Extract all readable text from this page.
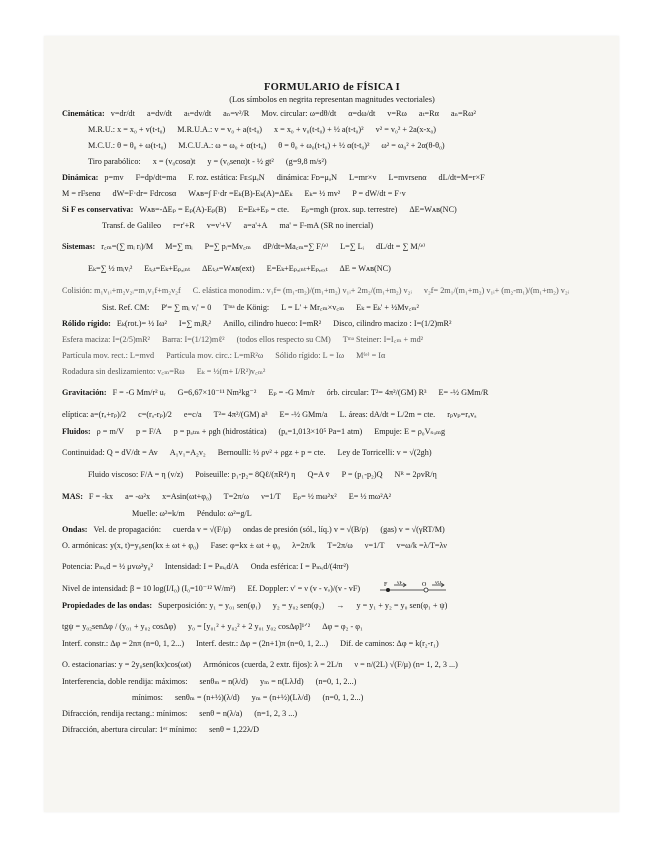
FORMULARIO de FÍSICA I
(Los símbolos en negrita representan magnitudes vectoriales)
Cinemática: v=dr/dt a=dv/dt aₜ=dv/dt aₙ=v²/R Mov. circular: ω=dθ/dt α=dω/dt v=Rω aₜ=Rα aₙ=Rω²
M.R.U.: x = x₀ + v(t-t₀) M.R.U.A.: v = v₀ + a(t-t₀) x = x₀ + v₀(t-t₀) + ½ a(t-t₀)² v² = v₀² + 2a(x-x₀)
M.C.U.: θ = θ₀ + ω(t-t₀) M.C.U.A.: ω = ω₀ + α(t-t₀) θ = θ₀ + ω₀(t-t₀) + ½ α(t-t₀)² ω² = ω₀² + 2α(θ-θ₀)
Tiro parabólico: x = (v₀cosα)t y = (v₀senα)t - ½ gt² (g=9,8 m/s²)
Dinámica: p=mv F=dp/dt=ma F. roz. estática: Fᴇ≤μₑN dinámica: Fᴅ=μₐN L=mr×v L=mvrsenα dL/dt=M=r×F
M = rFsenα dW=F·dr= Fdrcosα Wᴀʙ=∫ F·dr =Eₖ(B)-Eₖ(A)=ΔEₖ Eₖ= ½ mv² P = dW/dt = F·v
Si F es conservativa: Wᴀʙ=-ΔEₚ = Eₚ(A)-Eₚ(B) E=Eₖ+Eₚ = cte. Eₚ=mgh (prox. sup. terrestre) ΔE=Wᴀʙ(NC)
Transf. de Galileo r=r'+R v=v'+V a=a'+A ma' = F-mA (SR no inercial)
Sistemas: r꜀ₘ=(∑ mᵢ rᵢ)/M M=∑ mᵢ P=∑ pᵢ=Mv꜀ₘ dP/dt=Ma꜀ₘ=∑ Fᵢ⁽ᵉ⁾ L=∑ Lᵢ dL/dt = ∑ Mᵢ⁽ᵉ⁾
Eₖ=∑ ½ mᵢvᵢ² Eₜₒₜ=Eₖ+Eₚ,ᵢₙₜ ΔEₜₒₜ=Wᴀʙ(ext) E=Eₖ+Eₚ,ᵢₙₜ+Eₚ,ₑₓₜ ΔE = Wᴀʙ(NC)
Colisión: m₁v₁ᵢ+m₂v₂ᵢ=m₁v₁f+m₂v₂f C. elástica monodim.: v₁f= (m₁-m₂)/(m₁+m₂) v₁ᵢ+ 2m₂/(m₁+m₂) v₂ᵢ v₂f= 2m₁/(m₁+m₂) v₁ᵢ+ (m₂-m₁)/(m₁+m₂) v₂ᵢ
Sist. Ref. CM: P'= ∑ mᵢ vᵢ' = 0 Tᵐᵃ de König: L = L' + Mr꜀ₘ×v꜀ₘ Eₖ = Eₖ' + ½Mv꜀ₘ²
Rólido rígido: Eₖ(rot.)= ½ Iω² I=∑ mᵢRᵢ² Anillo, cilindro hueco: I=mR² Disco, cilindro macizo : I=(1/2)mR²
Esfera maciza: I=(2/5)mR² Barra: I=(1/12)mℓ² (todos ellos respecto su CM) Tᵐᵃ Steiner: I=I꜀ₘ + md²
Partícula mov. rect.: L=mvd Partícula mov. circ.: L=mR²ω Sólido rígido: L = Iω M⁽ᵉ⁾ = Iα
Rodadura sin deslizamiento: v꜀ₘ=Rω Eₖ = ½(m+ I/R²)v꜀ₘ²
Gravitación: F = -G Mm/r² uᵣ G=6,67×10⁻¹¹ Nm²kg⁻² Eₚ = -G Mm/r órb. circular: T²= 4π²/(GM) R³ E= -½ GMm/R
elíptica: a=(rₐ+rₚ)/2 c=(rₐ-rₚ)/2 e=c/a T²= 4π²/(GM) a³ E= -½ GMm/a L. áreas: dA/dt = L/2m = cte. rₚvₚ=rₐvₐ
Fluidos: ρ = m/V p = F/A p = pₐₜₘ + ρgh (hidrostática) (pₐ=1,013×10⁵ Pa=1 atm) Empuje: E = ρ₀Vₛᵤₘg
Continuidad: Q = dV/dt = Av A₁v₁=A₂v₂ Bernoulli: ½ ρv² + ρgz + p = cte. Ley de Torricelli: v = √(2gh)
Fluido viscoso: F/A = η (v/z) Poiseuille: p₁-p₂= 8Qℓ/(πR⁴) η Q=A v̄ P = (p₁-p₂)Q Nᴿ = 2ρvR/η
MAS: F = -kx a= -ω²x x=Asin(ωt+φ₀) T=2π/ω ν=1/T Eₚ= ½ mω²x² E= ½ mω²A²
Muelle: ω²=k/m Péndulo: ω²=g/L
Ondas: Vel. de propagación: cuerda v = √(F/μ) ondas de presión (sól., líq.) v = √(B/ρ) (gas) v = √(γRT/M)
O. armónicas: y(x, t)=y₀sen(kx ± ωt + φ₀) Fase: φ=kx ± ωt + φ₀ λ=2π/k T=2π/ω ν=1/T v=ω/k =λ/T=λν
Potencia: Pₘₑd = ½ μvω²y₀² Intensidad: I = Pₘₑd/A Onda esférica: I = Pₘₑd/(4πr²)
Nivel de intensidad: β = 10 log(I/I₀) (I₀=10⁻¹² W/m²) Ef. Doppler: ν' = ν (v - vₒ)/(v - vF)	F vF	O vO
Propiedades de las ondas: Superposición: y₁ = y₀₁ sen(φ₁) y₂ = y₀₂ sen(φ₂) → y = y₁ + y₂ = y₀ sen(φ₁ + ψ)
tgψ = y₀₂senΔφ / (y₀₁ + y₀₂ cosΔφ) y₀ = [y₀₁² + y₀₂² + 2 y₀₁ y₀₂ cosΔφ]¹ᐟ² Δφ = φ₂ - φ₁
Interf. constr.: Δφ = 2nπ (n=0, 1, 2...) Interf. destr.: Δφ = (2n+1)π (n=0, 1, 2...) Dif. de caminos: Δφ = k(r₂-r₁)
O. estacionarias: y = 2y₀sen(kx)cos(ωt) Armónicos (cuerda, 2 extr. fijos): λ = 2L/n ν = n/(2L) √(F/μ) (n= 1, 2, 3 ...)
Interferencia, doble rendija: máximos: senθₘ = n(λ/d) yₘ = n(LλJd) (n=0, 1, 2...)
mínimos: senθₘ = (n+½)(λ/d) yₘ = (n+½)(Lλ/d) (n=0, 1, 2...)
Difracción, rendija rectang.: mínimos: senθ = n(λ/a) (n=1, 2, 3 ...)
Difracción, abertura circular: 1ᵉʳ mínimo: senθ = 1,22λ/D
